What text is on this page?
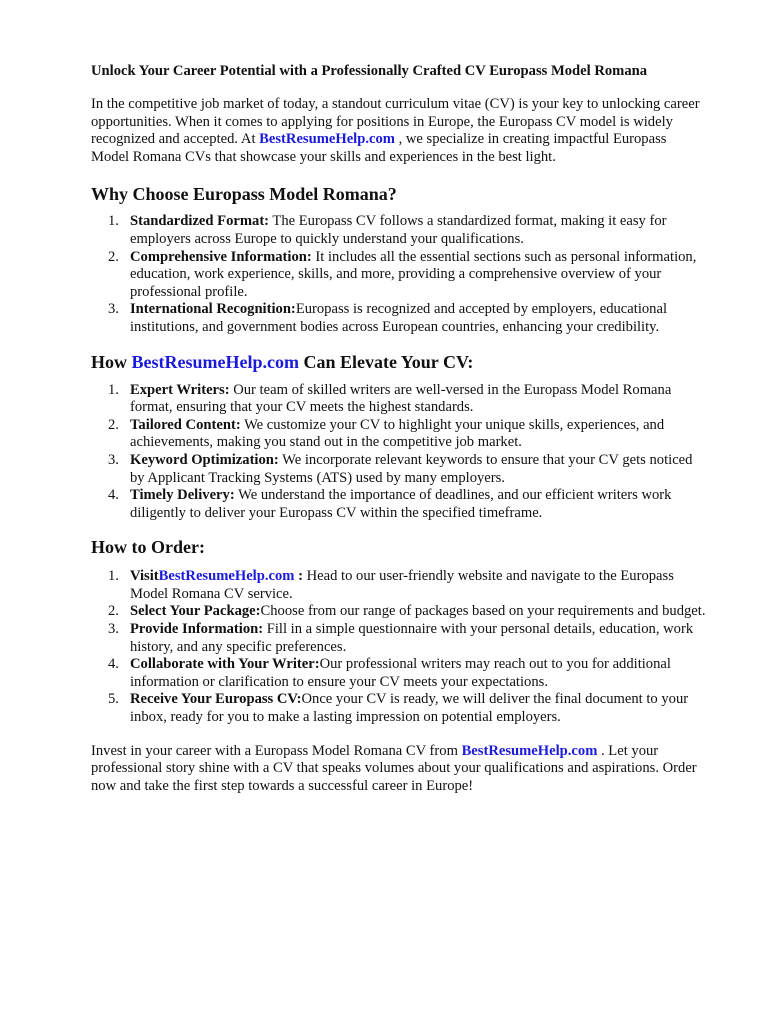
Unlock Your Career Potential with a Professionally Crafted CV Europass Model Romana

In the competitive job market of today, a standout curriculum vitae (CV) is your key to unlocking career opportunities. When it comes to applying for positions in Europe, the Europass CV model is widely recognized and accepted. At BestResumeHelp.com , we specialize in creating impactful Europass Model Romana CVs that showcase your skills and experiences in the best light.

Why Choose Europass Model Romana?
1. Standardized Format: The Europass CV follows a standardized format, making it easy for employers across Europe to quickly understand your qualifications.
2. Comprehensive Information: It includes all the essential sections such as personal information, education, work experience, skills, and more, providing a comprehensive overview of your professional profile.
3. International Recognition:Europass is recognized and accepted by employers, educational institutions, and government bodies across European countries, enhancing your credibility.
How BestResumeHelp.com Can Elevate Your CV:
1. Expert Writers: Our team of skilled writers are well-versed in the Europass Model Romana format, ensuring that your CV meets the highest standards.
2. Tailored Content: We customize your CV to highlight your unique skills, experiences, and achievements, making you stand out in the competitive job market.
3. Keyword Optimization: We incorporate relevant keywords to ensure that your CV gets noticed by Applicant Tracking Systems (ATS) used by many employers.
4. Timely Delivery: We understand the importance of deadlines, and our efficient writers work diligently to deliver your Europass CV within the specified timeframe.
How to Order:
1. VisitBestResumeHelp.com : Head to our user-friendly website and navigate to the Europass Model Romana CV service.
2. Select Your Package:Choose from our range of packages based on your requirements and budget.
3. Provide Information: Fill in a simple questionnaire with your personal details, education, work history, and any specific preferences.
4. Collaborate with Your Writer:Our professional writers may reach out to you for additional information or clarification to ensure your CV meets your expectations.
5. Receive Your Europass CV:Once your CV is ready, we will deliver the final document to your inbox, ready for you to make a lasting impression on potential employers.

Invest in your career with a Europass Model Romana CV from BestResumeHelp.com . Let your professional story shine with a CV that speaks volumes about your qualifications and aspirations. Order now and take the first step towards a successful career in Europe!
